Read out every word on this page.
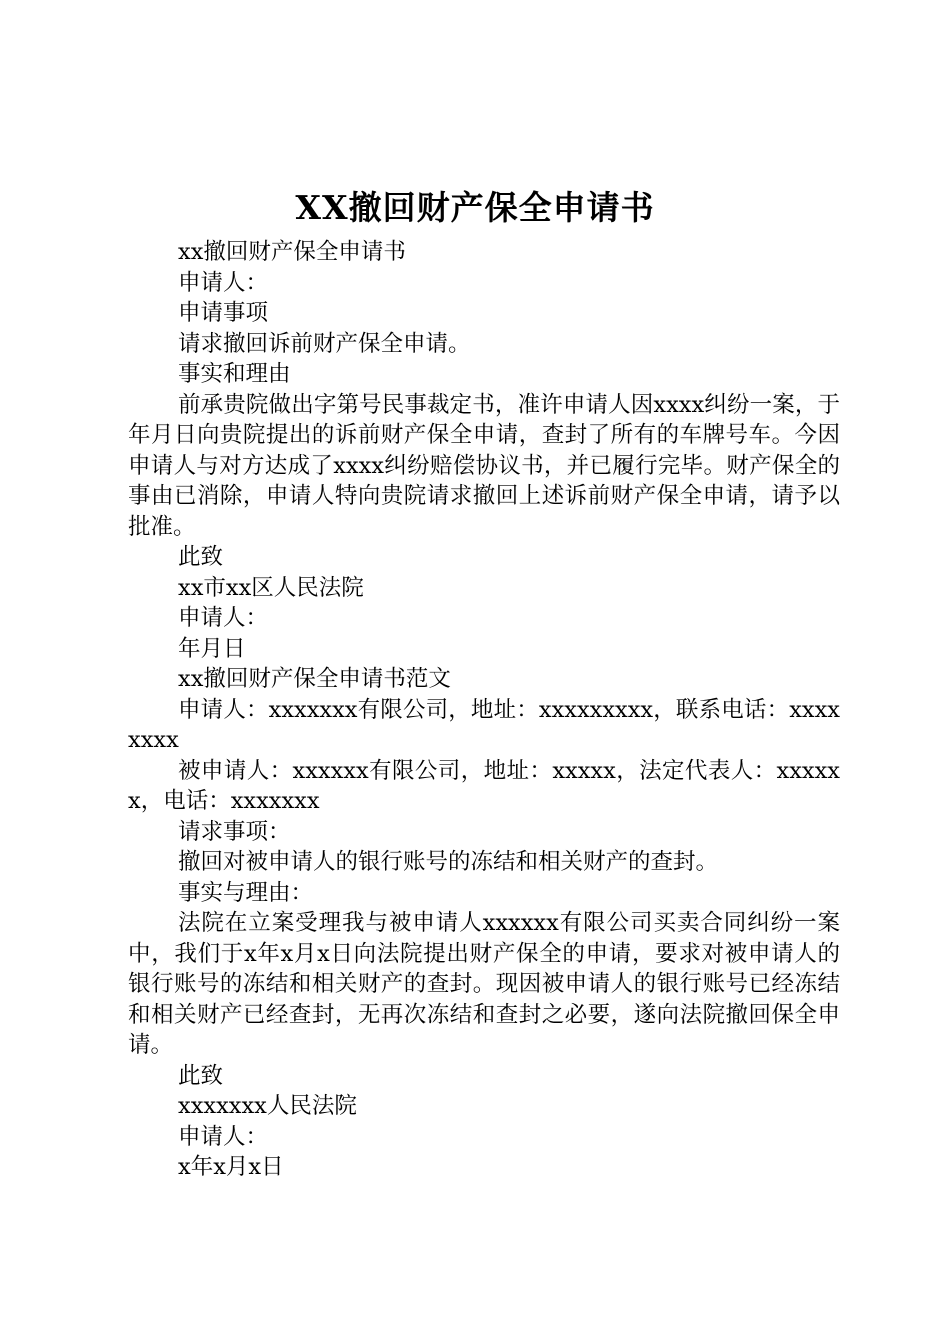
XX撤回财产保全申请书

xx撤回财产保全申请书

申请人：

申请事项

请求撤回诉前财产保全申请。

事实和理由

前承贵院做出字第号民事裁定书，准许申请人因xxxx纠纷一案，于年月日向贵院提出的诉前财产保全申请，查封了所有的车牌号车。今因申请人与对方达成了xxxx纠纷赔偿协议书，并已履行完毕。财产保全的事由已消除，申请人特向贵院请求撤回上述诉前财产保全申请，请予以批准。

此致

xx市xx区人民法院

申请人：

年月日

xx撤回财产保全申请书范文

申请人：xxxxxxx有限公司，地址：xxxxxxxxx，联系电话：xxxxxxxx

被申请人：xxxxxx有限公司，地址：xxxxx，法定代表人：xxxxxx，电话：xxxxxxx

请求事项：

撤回对被申请人的银行账号的冻结和相关财产的查封。

事实与理由：

法院在立案受理我与被申请人xxxxxx有限公司买卖合同纠纷一案中，我们于x年x月x日向法院提出财产保全的申请，要求对被申请人的银行账号的冻结和相关财产的查封。现因被申请人的银行账号已经冻结和相关财产已经查封，无再次冻结和查封之必要，遂向法院撤回保全申请。

此致

xxxxxxx人民法院

申请人：

x年x月x日
